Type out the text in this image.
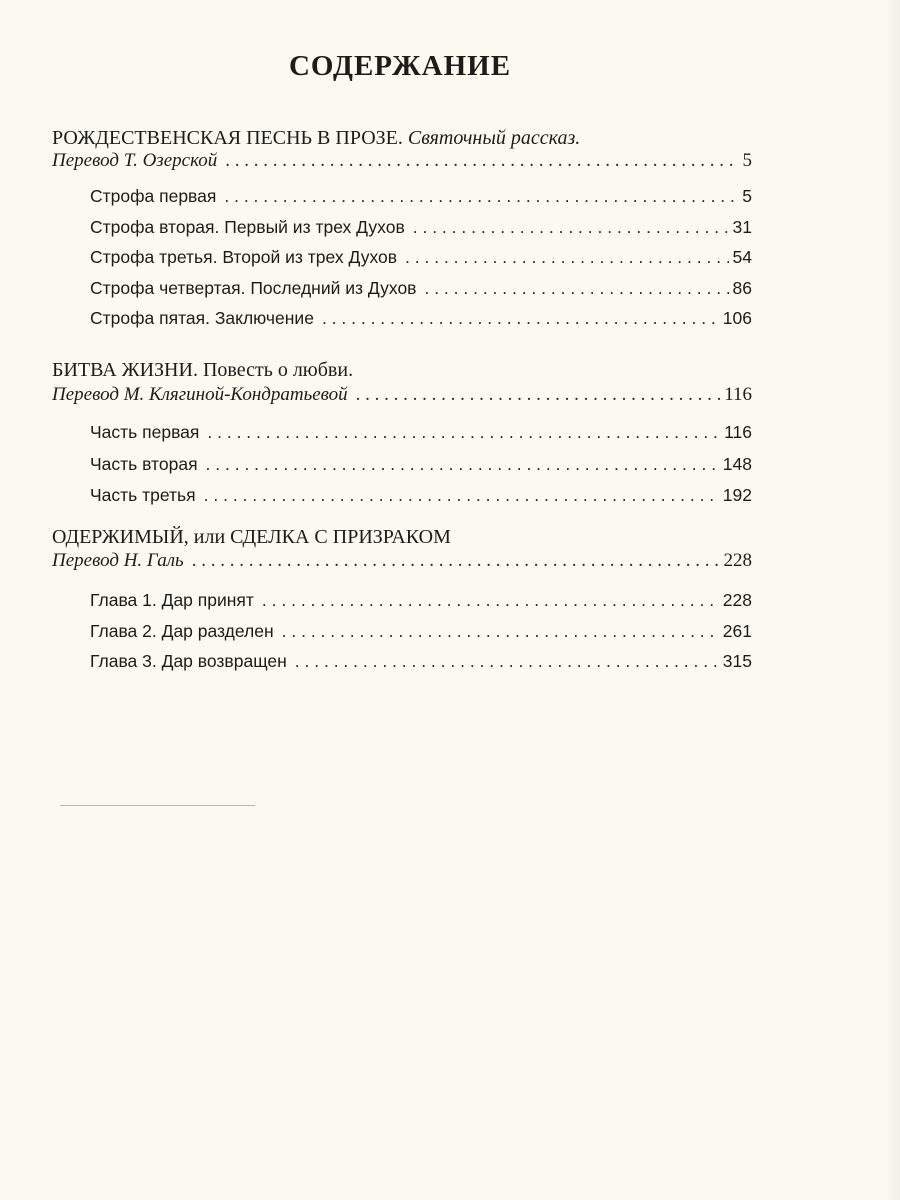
СОДЕРЖАНИЕ
РОЖДЕСТВЕНСКАЯ ПЕСНЬ В ПРОЗЕ. Святочный рассказ.
Перевод Т. Озерской . . .	5
Строфа первая . . .	5
Строфа вторая. Первый из трех Духов . . .	31
Строфа третья. Второй из трех Духов . . .	54
Строфа четвертая. Последний из Духов . . .	86
Строфа пятая. Заключение . . .	106
БИТВА ЖИЗНИ. Повесть о любви.
Перевод М. Клягиной-Кондратьевой . . .	116
Часть первая . . .	116
Часть вторая . . .	148
Часть третья . . .	192
ОДЕРЖИМЫЙ, или СДЕЛКА С ПРИЗРАКОМ
Перевод Н. Галь . . .	228
Глава 1. Дар принят . . .	228
Глава 2. Дар разделен . . .	261
Глава 3. Дар возвращен . . .	315
